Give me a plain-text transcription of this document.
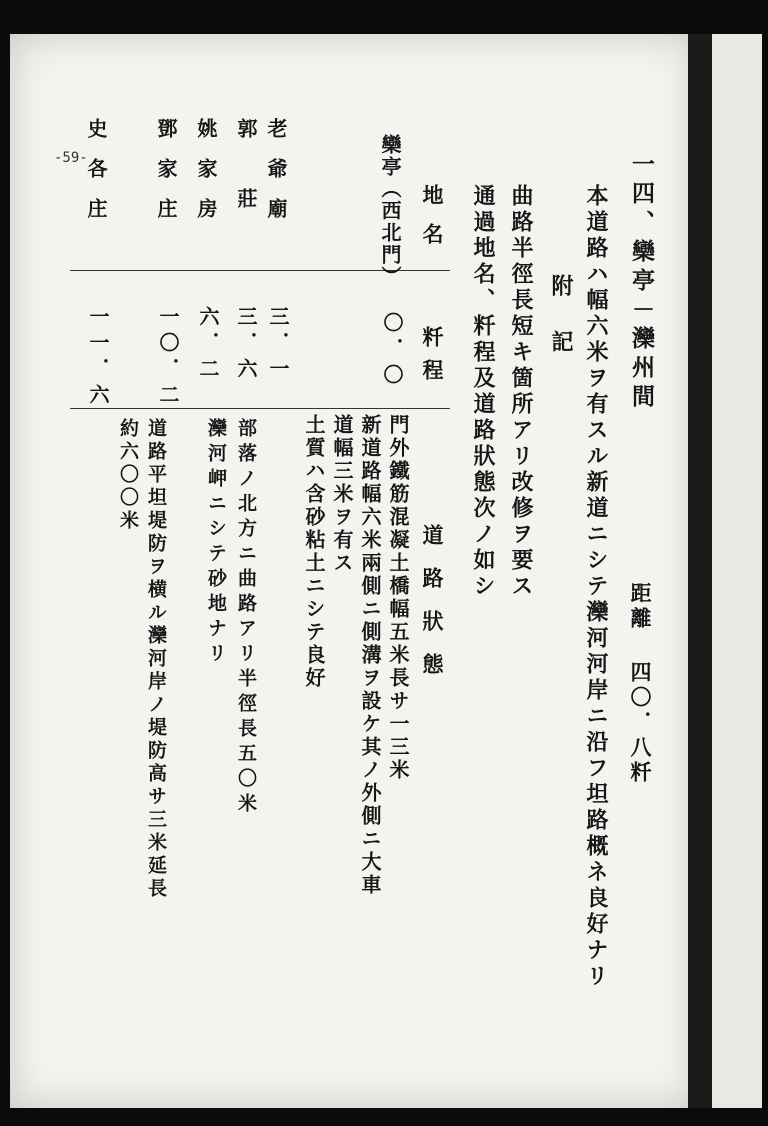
-59-	一四、欒亭－灤州間
距離 四〇．八粁
本道路ハ幅六米ヲ有スル新道ニシテ灤河河岸ニ沿フ坦路概ネ良好ナリ
附 記
曲路半徑長短キ箇所アリ改修ヲ要ス
通過地名、粁程及道路狀態次ノ如シ
地名
粁程
道路狀態
欒亭（西北門）
〇．〇
門外鐵筋混凝土橋幅五米長サ一三米
新道路幅六米兩側ニ側溝ヲ設ケ其ノ外側ニ大車
道幅三米ヲ有ス
土質ハ含砂粘土ニシテ良好
老爺廟
三．一
部落ノ北方ニ曲路アリ半徑長五〇米
郭莊
三．六
灤河岬ニシテ砂地ナリ
姚家房
六．二
鄧家庄
一〇．二
道路平坦堤防ヲ横ル灤河岸ノ堤防高サ三米延長
約六〇〇米
史各庄
一一．六
